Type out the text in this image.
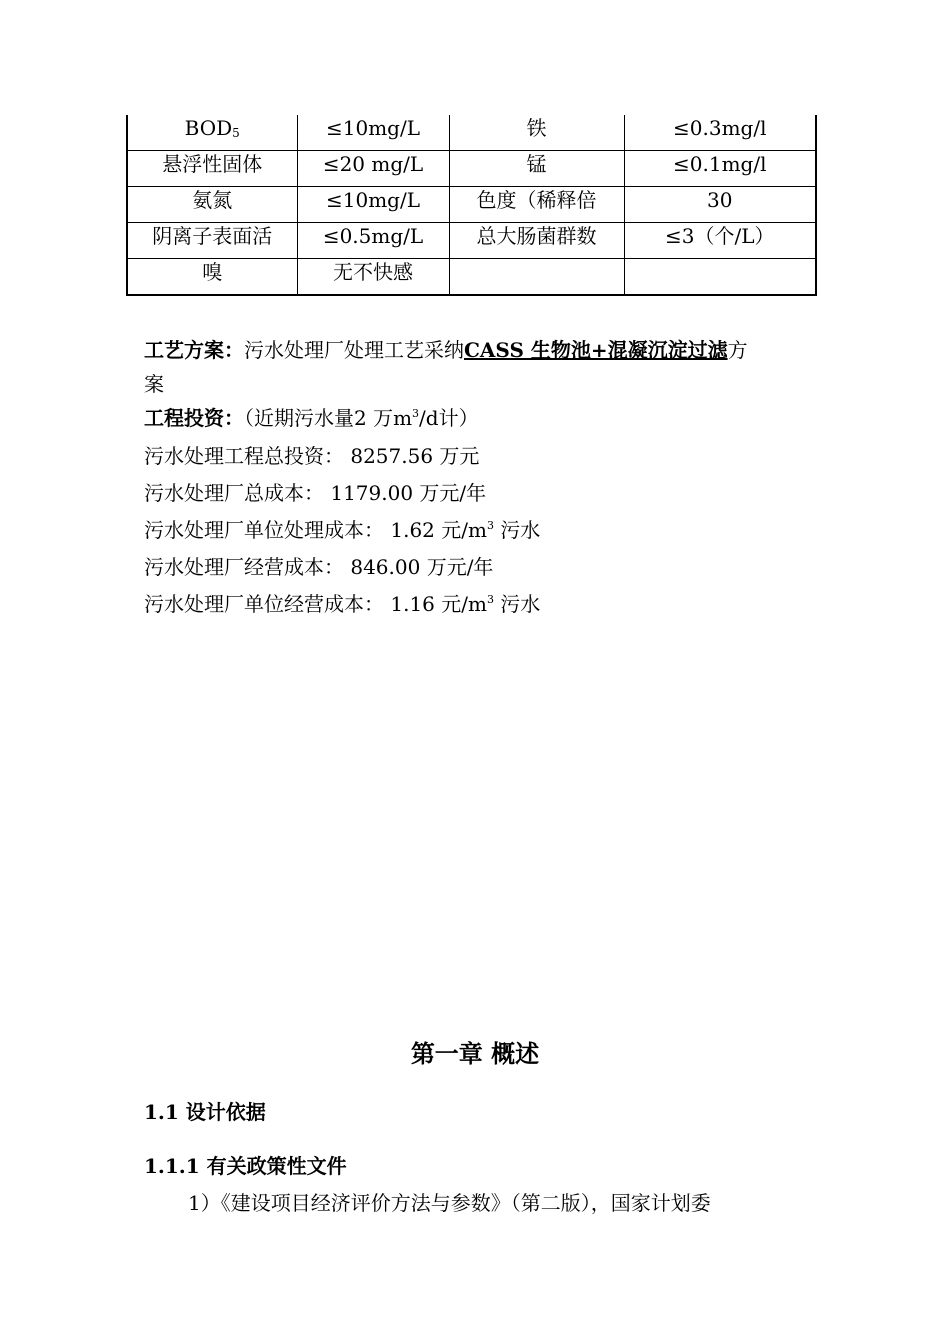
$BOD_5$	≤10mg/L	铁	≤0.3mg/l
悬浮性固体	≤20 mg/L	锰	≤0.1mg/l
氨氮	≤10mg/L	色度（稀释倍	30
阴离子表面活	≤0.5mg/L	总大肠菌群数	≤3（个/L）
嗅	无不快感		
工艺方案：污水处理厂处理工艺采纳CASS 生物池+混凝沉淀过滤方
案
工程投资：（近期污水量2 万$m^3/d$计）
污水处理工程总投资： 8257.56 万元
污水处理厂总成本： 1179.00 万元/年
污水处理厂单位处理成本： 1.62 元$/m^3$ 污水
污水处理厂经营成本： 846.00 万元/年
污水处理厂单位经营成本： 1.16 元$/m^3$ 污水
第一章 概述
1.1 设计依据
1.1.1 有关政策性文件
1）《建设项目经济评价方法与参数》（第二版），国家计划委
